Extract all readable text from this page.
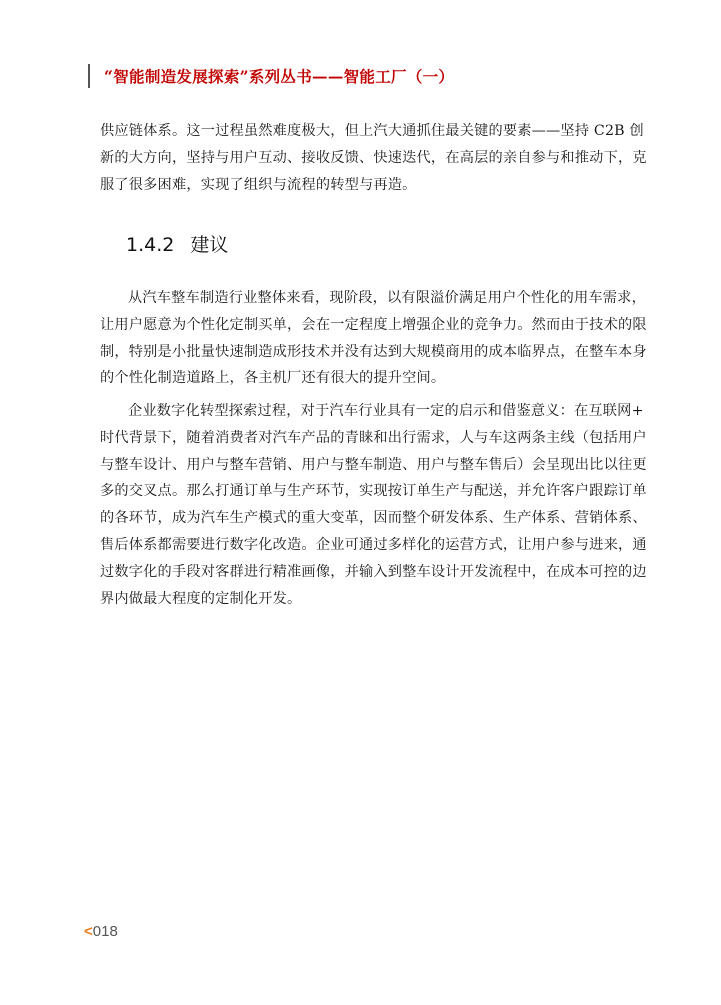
“智能制造发展探索”系列丛书——智能工厂（一）

供应链体系。这一过程虽然难度极大，但上汽大通抓住最关键的要素——坚持 C2B 创
新的大方向，坚持与用户互动、接收反馈、快速迭代，在高层的亲自参与和推动下，克
服了很多困难，实现了组织与流程的转型与再造。

1.4.2 建议

从汽车整车制造行业整体来看，现阶段，以有限溢价满足用户个性化的用车需求，
让用户愿意为个性化定制买单，会在一定程度上增强企业的竞争力。然而由于技术的限
制，特别是小批量快速制造成形技术并没有达到大规模商用的成本临界点，在整车本身
的个性化制造道路上，各主机厂还有很大的提升空间。

企业数字化转型探索过程，对于汽车行业具有一定的启示和借鉴意义：在互联网+
时代背景下，随着消费者对汽车产品的青睐和出行需求，人与车这两条主线（包括用户
与整车设计、用户与整车营销、用户与整车制造、用户与整车售后）会呈现出比以往更
多的交叉点。那么打通订单与生产环节，实现按订单生产与配送，并允许客户跟踪订单
的各环节，成为汽车生产模式的重大变革，因而整个研发体系、生产体系、营销体系、
售后体系都需要进行数字化改造。企业可通过多样化的运营方式，让用户参与进来，通
过数字化的手段对客群进行精准画像，并输入到整车设计开发流程中，在成本可控的边
界内做最大程度的定制化开发。

<018
